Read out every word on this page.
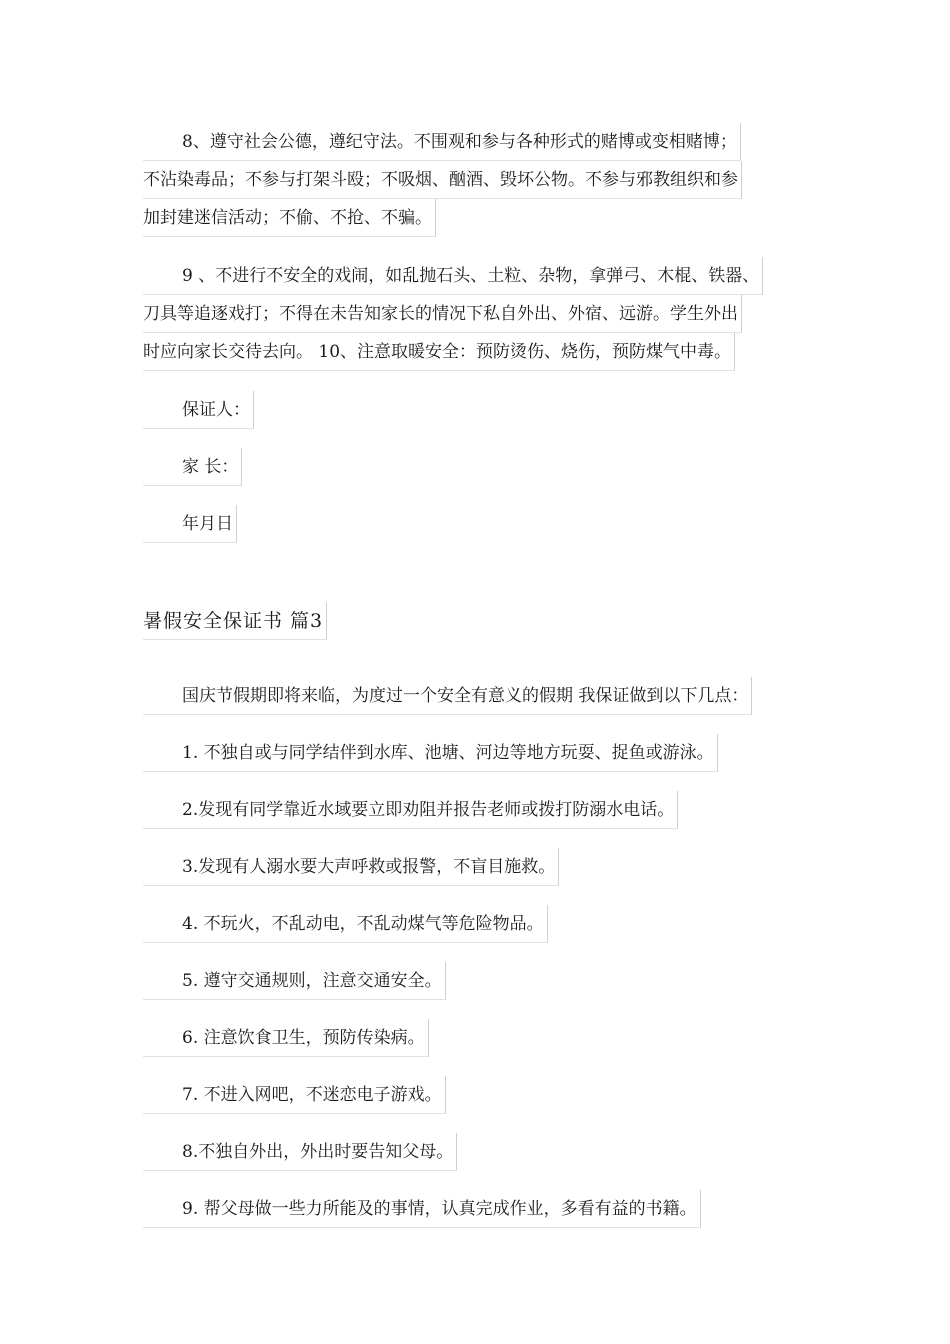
8、遵守社会公德，遵纪守法。不围观和参与各种形式的赌博或变相赌博；
不沾染毒品；不参与打架斗殴；不吸烟、酗酒、毁坏公物。不参与邪教组织和参
加封建迷信活动；不偷、不抢、不骗。
9 、不进行不安全的戏闹，如乱抛石头、土粒、杂物，拿弹弓、木棍、铁器、
刀具等追逐戏打；不得在未告知家长的情况下私自外出、外宿、远游。学生外出
时应向家长交待去向。 10、注意取暖安全：预防烫伤、烧伤，预防煤气中毒。
保证人：
家 长：
年月日
暑假安全保证书 篇3
国庆节假期即将来临，为度过一个安全有意义的假期 我保证做到以下几点：
1. 不独自或与同学结伴到水库、池塘、河边等地方玩耍、捉鱼或游泳。
2.发现有同学靠近水域要立即劝阻并报告老师或拨打防溺水电话。
3.发现有人溺水要大声呼救或报警，不盲目施救。
4. 不玩火，不乱动电，不乱动煤气等危险物品。
5. 遵守交通规则，注意交通安全。
6. 注意饮食卫生，预防传染病。
7. 不进入网吧，不迷恋电子游戏。
8.不独自外出，外出时要告知父母。
9. 帮父母做一些力所能及的事情，认真完成作业，多看有益的书籍。
